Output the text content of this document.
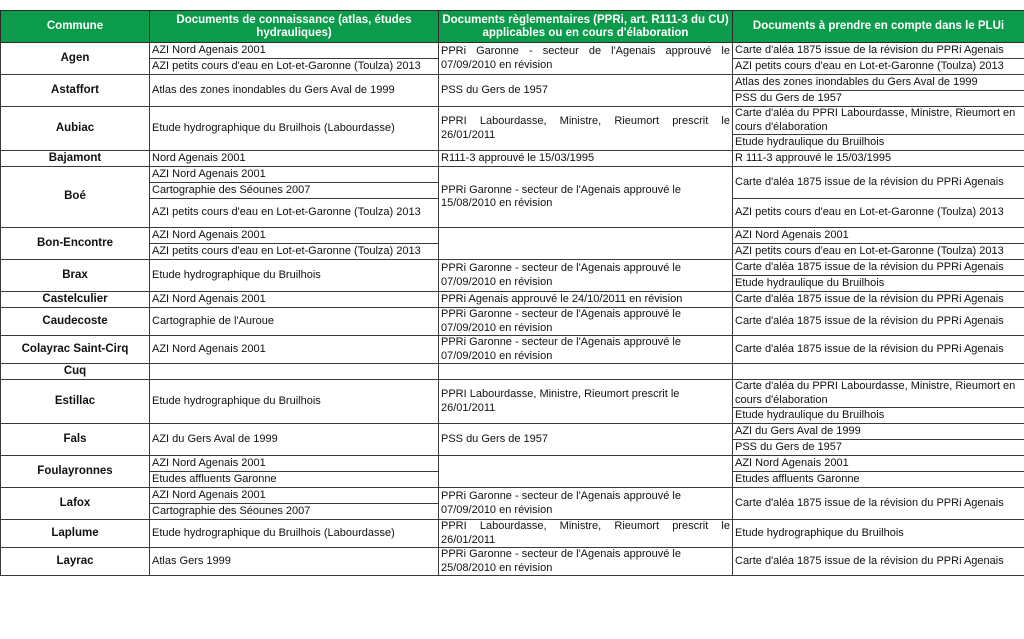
Commune	Documents de connaissance (atlas, études hydrauliques)	Documents règlementaires (PPRi, art. R111-3 du CU) applicables ou en cours d'élaboration	Documents à prendre en compte dans le PLUi
Agen	AZI Nord Agenais 2001	PPRi Garonne - secteur de l'Agenais approuvé le 07/09/2010 en révision	Carte d'aléa 1875 issue de la révision du PPRi Agenais
	AZI petits cours d'eau en Lot-et-Garonne (Toulza) 2013		AZI petits cours d'eau en Lot-et-Garonne (Toulza) 2013
Astaffort	Atlas des zones inondables du Gers Aval de 1999	PSS du Gers de 1957	Atlas des zones inondables du Gers Aval de 1999
			PSS du Gers de 1957
Aubiac	Etude hydrographique du Bruilhois (Labourdasse)	PPRI Labourdasse, Ministre, Rieumort prescrit le 26/01/2011	Carte d'aléa du PPRI Labourdasse, Ministre, Rieumort en cours d'élaboration
			Etude hydraulique du Bruilhois
Bajamont	Nord Agenais 2001	R111-3 approuvé le 15/03/1995	R 111-3 approuvé le 15/03/1995
Boé	AZI Nord Agenais 2001	PPRi Garonne - secteur de l'Agenais approuvé le 15/08/2010 en révision	Carte d'aléa 1875 issue de la révision du PPRi Agenais
	Cartographie des Séounes 2007		
	AZI petits cours d'eau en Lot-et-Garonne (Toulza) 2013		AZI petits cours d'eau en Lot-et-Garonne (Toulza) 2013
Bon-Encontre	AZI Nord Agenais 2001		AZI Nord Agenais 2001
	AZI petits cours d'eau en Lot-et-Garonne (Toulza) 2013		AZI petits cours d'eau en Lot-et-Garonne (Toulza) 2013
Brax	Etude hydrographique du Bruilhois	PPRi Garonne - secteur de l'Agenais approuvé le 07/09/2010 en révision	Carte d'aléa 1875 issue de la révision du PPRi Agenais
			Etude hydraulique du Bruilhois
Castelculier	AZI Nord Agenais 2001	PPRi Agenais approuvé le 24/10/2011 en révision	Carte d'aléa 1875 issue de la révision du PPRi Agenais
Caudecoste	Cartographie de l'Auroue	PPRi Garonne - secteur de l'Agenais approuvé le 07/09/2010 en révision	Carte d'aléa 1875 issue de la révision du PPRi Agenais
Colayrac Saint-Cirq	AZI Nord Agenais 2001	PPRi Garonne - secteur de l'Agenais approuvé le 07/09/2010 en révision	Carte d'aléa 1875 issue de la révision du PPRi Agenais
Cuq			
Estillac	Etude hydrographique du Bruilhois	PPRI Labourdasse, Ministre, Rieumort prescrit le 26/01/2011	Carte d'aléa du PPRI Labourdasse, Ministre, Rieumort en cours d'élaboration
			Etude hydraulique du Bruilhois
Fals	AZI du Gers Aval de 1999	PSS du Gers de 1957	AZI du Gers Aval de 1999
			PSS du Gers de 1957
Foulayronnes	AZI Nord Agenais 2001		AZI Nord Agenais 2001
	Etudes affluents Garonne		Etudes affluents Garonne
Lafox	AZI Nord Agenais 2001	PPRi Garonne - secteur de l'Agenais approuvé le 07/09/2010 en révision	Carte d'aléa 1875 issue de la révision du PPRi Agenais
	Cartographie des Séounes 2007		
Laplume	Etude hydrographique du Bruilhois (Labourdasse)	PPRI Labourdasse, Ministre, Rieumort prescrit le 26/01/2011	Etude hydrographique du Bruilhois
Layrac	Atlas Gers 1999	PPRi Garonne - secteur de l'Agenais approuvé le 25/08/2010 en révision	Carte d'aléa 1875 issue de la révision du PPRi Agenais
